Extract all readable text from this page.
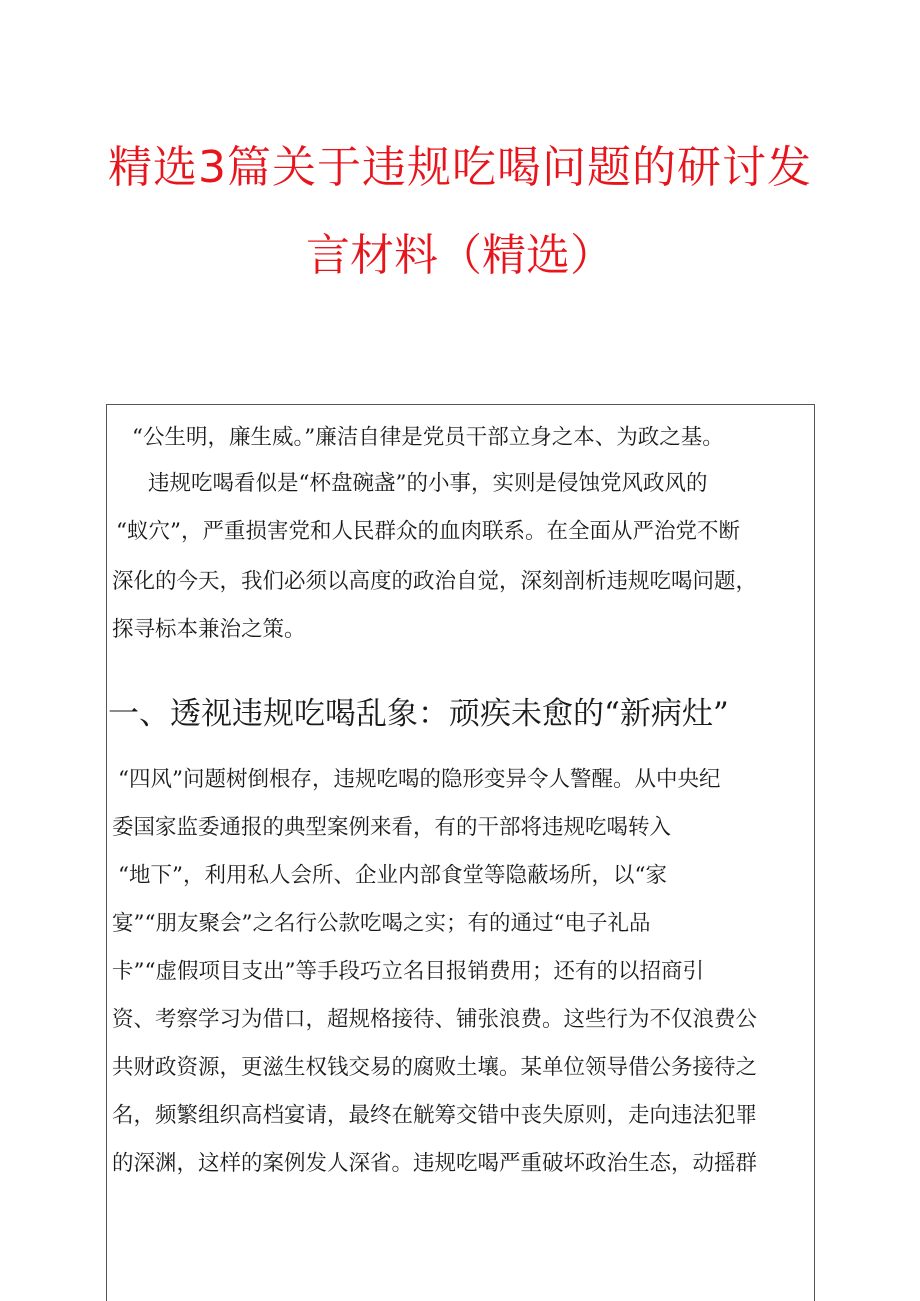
精选3篇关于违规吃喝问题的研讨发
言材料（精选）

“公生明，廉生威。”廉洁自律是党员干部立身之本、为政之基。

违规吃喝看似是“杯盘碗盏”的小事，实则是侵蚀党风政风的

“蚁穴”，严重损害党和人民群众的血肉联系。在全面从严治党不断

深化的今天，我们必须以高度的政治自觉，深刻剖析违规吃喝问题，

探寻标本兼治之策。

一、透视违规吃喝乱象：顽疾未愈的“新病灶”

“四风”问题树倒根存，违规吃喝的隐形变异令人警醒。从中央纪

委国家监委通报的典型案例来看，有的干部将违规吃喝转入

“地下”，利用私人会所、企业内部食堂等隐蔽场所，以“家

宴”“朋友聚会”之名行公款吃喝之实；有的通过“电子礼品

卡”“虚假项目支出”等手段巧立名目报销费用；还有的以招商引

资、考察学习为借口，超规格接待、铺张浪费。这些行为不仅浪费公

共财政资源，更滋生权钱交易的腐败土壤。某单位领导借公务接待之

名，频繁组织高档宴请，最终在觥筹交错中丧失原则，走向违法犯罪

的深渊，这样的案例发人深省。违规吃喝严重破坏政治生态，动摇群
